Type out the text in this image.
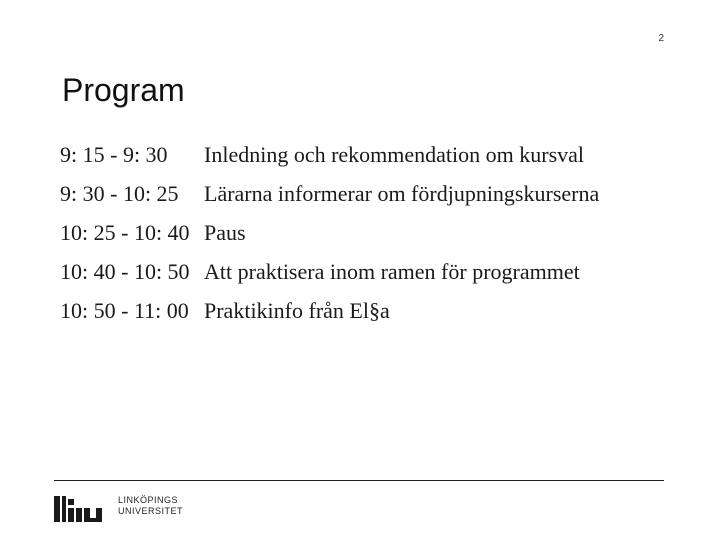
2
Program
9: 15 - 9: 30	Inledning och rekommendation om kursval
9: 30 - 10: 25	Lärarna informerar om fördjupningskurserna
10: 25 - 10: 40 Paus
10: 40 - 10: 50 Att praktisera inom ramen för programmet
10: 50 - 11: 00 Praktikinfo från El§a
LINKÖPINGS
UNIVERSITET
